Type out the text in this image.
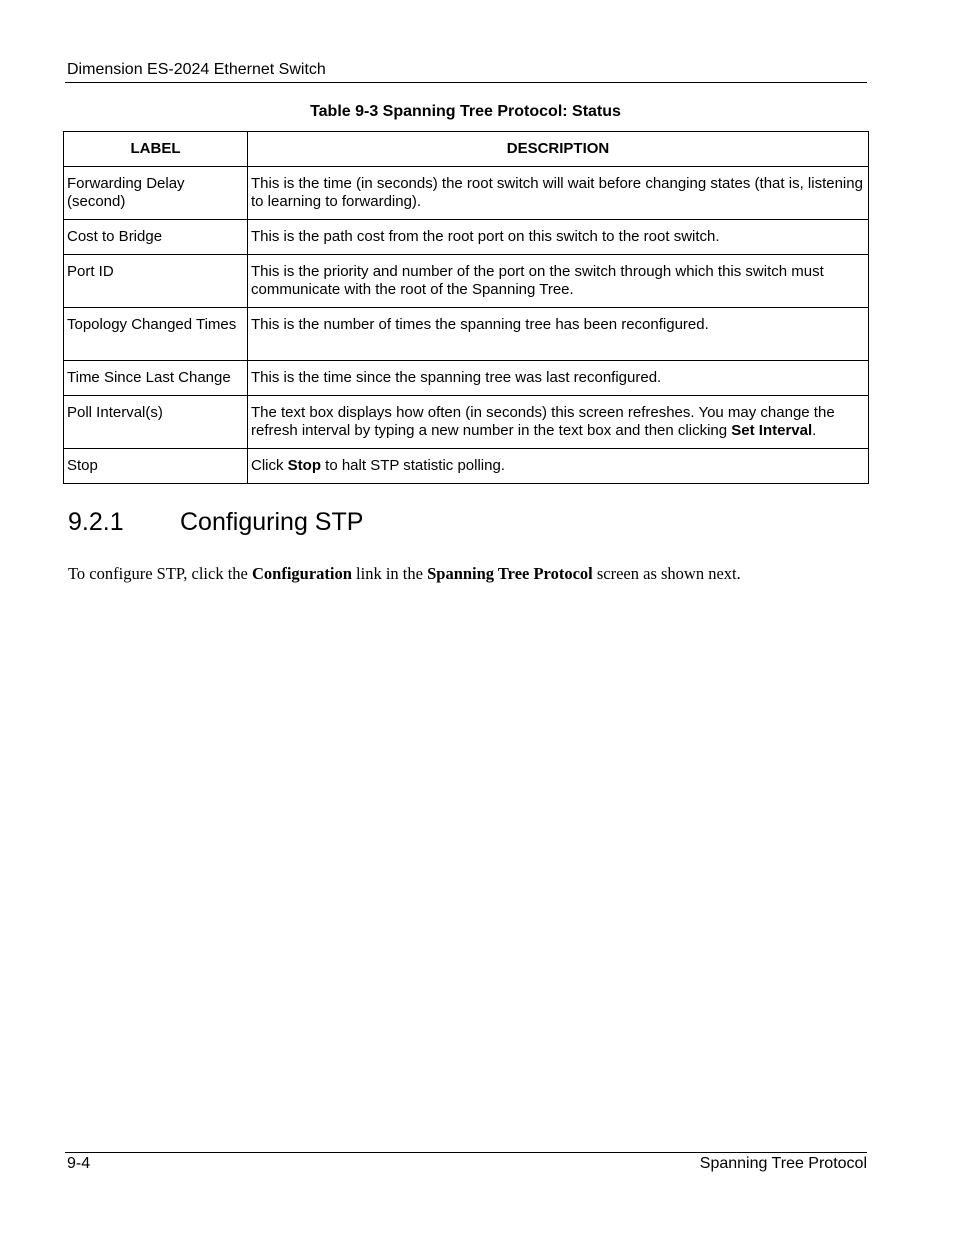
Dimension ES-2024 Ethernet Switch
Table 9-3 Spanning Tree Protocol: Status
LABEL	DESCRIPTION
Forwarding Delay (second)	This is the time (in seconds) the root switch will wait before changing states (that is, listening to learning to forwarding).
Cost to Bridge	This is the path cost from the root port on this switch to the root switch.
Port ID	This is the priority and number of the port on the switch through which this switch must communicate with the root of the Spanning Tree.
Topology Changed Times	This is the number of times the spanning tree has been reconfigured.
Time Since Last Change	This is the time since the spanning tree was last reconfigured.
Poll Interval(s)	The text box displays how often (in seconds) this screen refreshes. You may change the refresh interval by typing a new number in the text box and then clicking Set Interval.
Stop	Click Stop to halt STP statistic polling.
9.2.1 Configuring STP
To configure STP, click the Configuration link in the Spanning Tree Protocol screen as shown next.
9-4	Spanning Tree Protocol
